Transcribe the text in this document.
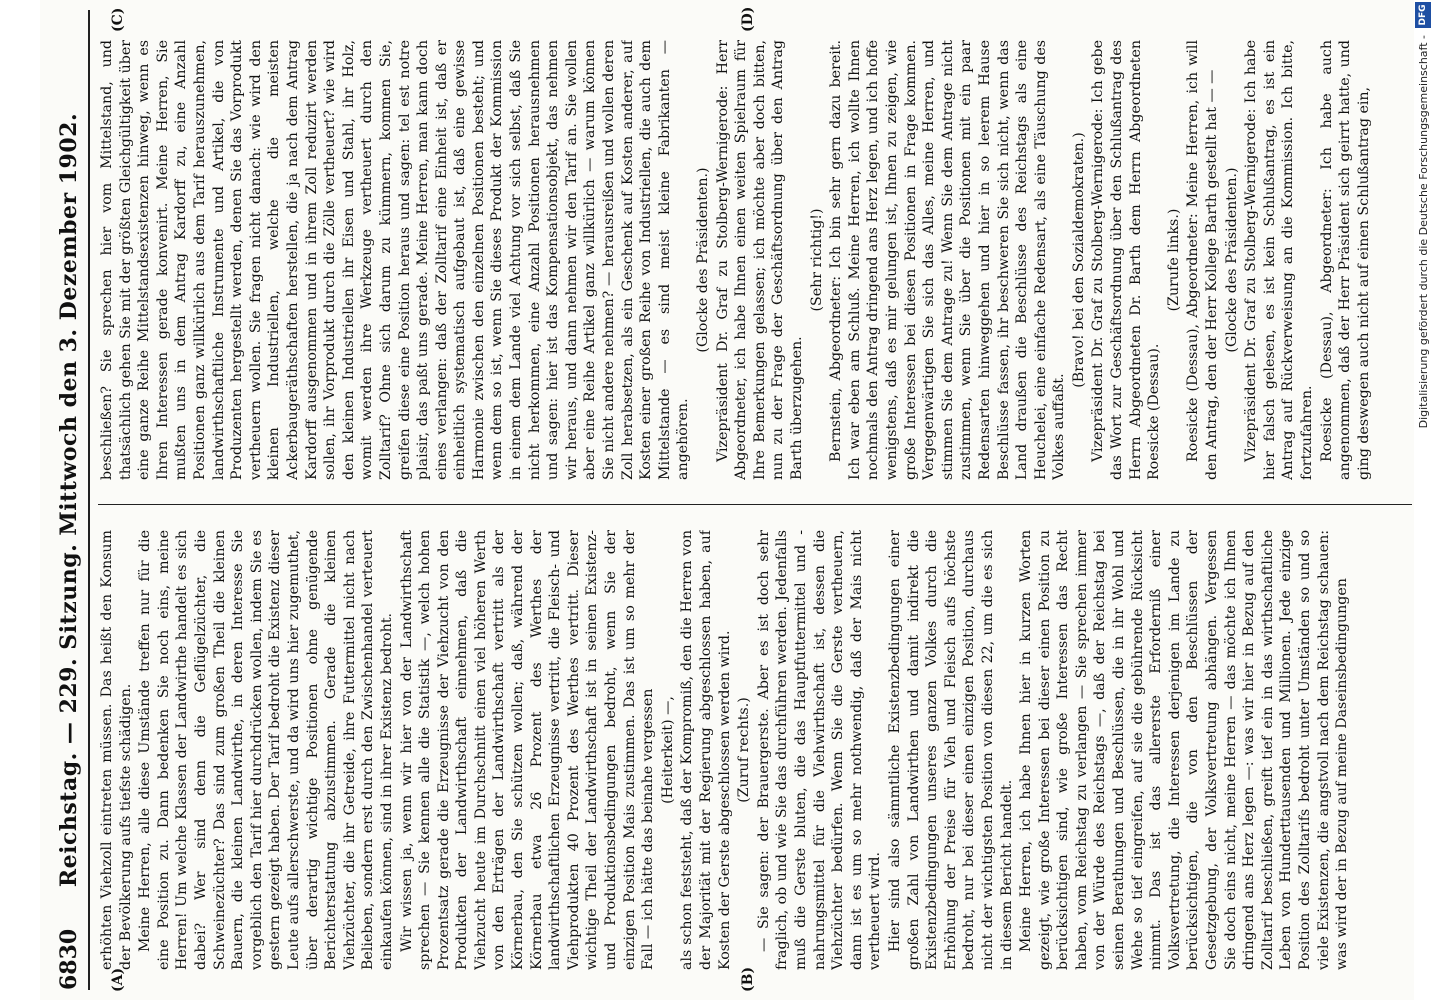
6830
Reichstag. — 229. Sitzung. Mittwoch den 3. Dezember 1902.
(A)	(B)
(C)	(D)

erhöhten Viehzoll eintreten müssen. Das heißt den Konsum der Bevölkerung aufs tiefste schädigen. Meine Herren, alle diese Umstände treffen nur für die eine Position zu. Dann bedenken Sie noch eins, meine Herren! Um welche Klassen der Landwirthe handelt es sich dabei? Wer sind denn die Geflügelzüchter, die Schweinezüchter? Das sind zum großen Theil die kleinen Bauern, die kleinen Landwirthe, in deren Interesse Sie vorgeblich den Tarif hier durchdrücken wollen, indem Sie es gestern gezeigt haben. Der Tarif bedroht die Existenz dieser Leute aufs allerschwerste, und da wird uns hier zugemuthet, über derartig wichtige Positionen ohne genügende Berichterstattung abzustimmen. Gerade die kleinen Viehzüchter, die ihr Getreide, ihre Futtermittel nicht nach Belieben, sondern erst durch den Zwischenhandel verteuert einkaufen können, sind in ihrer Existenz bedroht. Wir wissen ja, wenn wir hier von der Landwirthschaft sprechen — Sie kennen alle die Statistik —, welch hohen Prozentsatz gerade die Erzeugnisse der Viehzucht von den Produkten der Landwirthschaft einnehmen, daß die Viehzucht heute im Durchschnitt einen viel höheren Werth von den Erträgen der Landwirthschaft vertritt als der Körnerbau, den Sie schützen wollen; daß, während der Körnerbau etwa 26 Prozent des Werthes der landwirthschaftlichen Erzeugnisse vertritt, die Fleisch- und Viehprodukten 40 Prozent des Werthes vertritt. Dieser wichtige Theil der Landwirthschaft ist in seinen Existenz- und Produktionsbedingungen bedroht, wenn Sie der einzigen Position Mais zustimmen. Das ist um so mehr der Fall — ich hätte das beinahe vergessen (Heiterkeit) —, als schon feststeht, daß der Kompromiß, den die Herren von der Majorität mit der Regierung abgeschlossen haben, auf Kosten der Gerste abgeschlossen werden wird. (Zuruf rechts.) — Sie sagen: der Brauergerste. Aber es ist doch sehr fraglich, ob und wie Sie das durchführen werden. Jedenfalls muß die Gerste bluten, die das Hauptfuttermittel und -nahrungsmittel für die Viehwirthschaft ist, dessen die Viehzüchter bedürfen. Wenn Sie die Gerste vertheuern, dann ist es um so mehr nothwendig, daß der Mais nicht vertheuert wird. Hier sind also sämmtliche Existenzbedingungen einer großen Zahl von Landwirthen und damit indirekt die Existenzbedingungen unseres ganzen Volkes durch die Erhöhung der Preise für Vieh und Fleisch aufs höchste bedroht, nur bei dieser einen einzigen Position, durchaus nicht der wichtigsten Position von diesen 22, um die es sich in diesem Bericht handelt. Meine Herren, ich habe Ihnen hier in kurzen Worten gezeigt, wie große Interessen bei dieser einen Position zu berücksichtigen sind, wie große Interessen das Recht haben, vom Reichstag zu verlangen — Sie sprechen immer von der Würde des Reichstags —, daß der Reichstag bei seinen Berathungen und Beschlüssen, die in ihr Wohl und Wehe so tief eingreifen, auf sie die gebührende Rücksicht nimmt. Das ist das allererste Erforderniß einer Volksvertretung, die Interessen derjenigen im Lande zu berücksichtigen, die von den Beschlüssen der Gesetzgebung, der Volksvertretung abhängen. Vergessen Sie doch eins nicht, meine Herren — das möchte ich Ihnen dringend ans Herz legen —: was wir hier in Bezug auf den Zolltarif beschließen, greift tief ein in das wirthschaftliche Leben von Hunderttausenden und Millionen. Jede einzige Position des Zolltarifs bedroht unter Umständen so und so viele Existenzen, die angstvoll nach dem Reichstag schauen: was wird der in Bezug auf meine Daseinsbedingungen

beschließen? Sie sprechen hier vom Mittelstand, und thatsächlich gehen Sie mit der größten Gleichgültigkeit über eine ganze Reihe Mittelstandsexistenzen hinweg, wenn es Ihren Interessen gerade konvenirt. Meine Herren, Sie mußten uns in dem Antrag Kardorff zu, eine Anzahl Positionen ganz willkürlich aus dem Tarif herauszunehmen, landwirthschaftliche Instrumente und Artikel, die von Produzenten hergestellt werden, denen Sie das Vorprodukt vertheuern wollen. Sie fragen nicht danach: wie wird den kleinen Industriellen, welche die meisten Ackerbaugeräthschaften herstellen, die ja nach dem Antrag Kardorff ausgenommen und in ihrem Zoll reduzirt werden sollen, ihr Vorprodukt durch die Zölle vertheuert? wie wird den kleinen Industriellen ihr Eisen und Stahl, ihr Holz, womit werden ihre Werkzeuge vertheuert durch den Zolltarif? Ohne sich darum zu kümmern, kommen Sie, greifen diese eine Position heraus und sagen: tel est notre plaisir, das paßt uns gerade. Meine Herren, man kann doch eines verlangen: daß der Zolltarif eine Einheit ist, daß er einheitlich systematisch aufgebaut ist, daß eine gewisse Harmonie zwischen den einzelnen Positionen besteht; und wenn dem so ist, wenn Sie dieses Produkt der Kommission in einem dem Lande viel Achtung vor sich selbst, daß Sie nicht herkommen, eine Anzahl Positionen herausnehmen und sagen: hier ist das Kompensationsobjekt, das nehmen wir heraus, und dann nehmen wir den Tarif an. Sie wollen aber eine Reihe Artikel ganz willkürlich — warum können Sie nicht andere nehmen? — herausreißen und wollen deren Zoll herabsetzen, als ein Geschenk auf Kosten anderer, auf Kosten einer großen Reihe von Industriellen, die auch dem Mittelstande — es sind meist kleine Fabrikanten — angehören.

(Glocke des Präsidenten.) Vizepräsident Dr. Graf zu Stolberg-Wernigerode: Herr Abgeordneter, ich habe Ihnen einen weiten Spielraum für Ihre Bemerkungen gelassen; ich möchte aber doch bitten, nun zu der Frage der Geschäftsordnung über den Antrag Barth überzugehen.

(Sehr richtig!) Bernstein, Abgeordneter: Ich bin sehr gern dazu bereit. Ich war eben am Schluß. Meine Herren, ich wollte Ihnen nochmals den Antrag dringend ans Herz legen, und ich hoffe wenigstens, daß es mir gelungen ist, Ihnen zu zeigen, wie große Interessen bei diesen Positionen in Frage kommen. Vergegenwärtigen Sie sich das Alles, meine Herren, und stimmen Sie dem Antrage zu! Wenn Sie dem Antrage nicht zustimmen, wenn Sie über die Positionen mit ein paar Redensarten hinweggehen und hier in so leerem Hause Beschlüsse fassen, ihr beschweren Sie sich nicht, wenn das Land draußen die Beschlüsse des Reichstags als eine Heuchelei, eine einfache Redensart, als eine Täuschung des Volkes auffaßt.

(Bravo! bei den Sozialdemokraten.) Vizepräsident Dr. Graf zu Stolberg-Wernigerode: Ich gebe das Wort zur Geschäftsordnung über den Schlußantrag des Herrn Abgeordneten Dr. Barth dem Herrn Abgeordneten Roesicke (Dessau).

(Zurufe links.) Roesicke (Dessau), Abgeordneter: Meine Herren, ich will den Antrag, den der Herr Kollege Barth gestellt hat — — (Glocke des Präsidenten.) Vizepräsident Dr. Graf zu Stolberg-Wernigerode: Ich habe hier falsch gelesen, es ist kein Schlußantrag, es ist ein Antrag auf Rückverweisung an die Kommission. Ich bitte, fortzufahren. Roesicke (Dessau), Abgeordneter: Ich habe auch angenommen, daß der Herr Präsident sich geirrt hatte, und ging deswegen auch nicht auf einen Schlußantrag ein,	Digitalisierung gefördert durch die Deutsche Forschungsgemeinschaft -
DFG
